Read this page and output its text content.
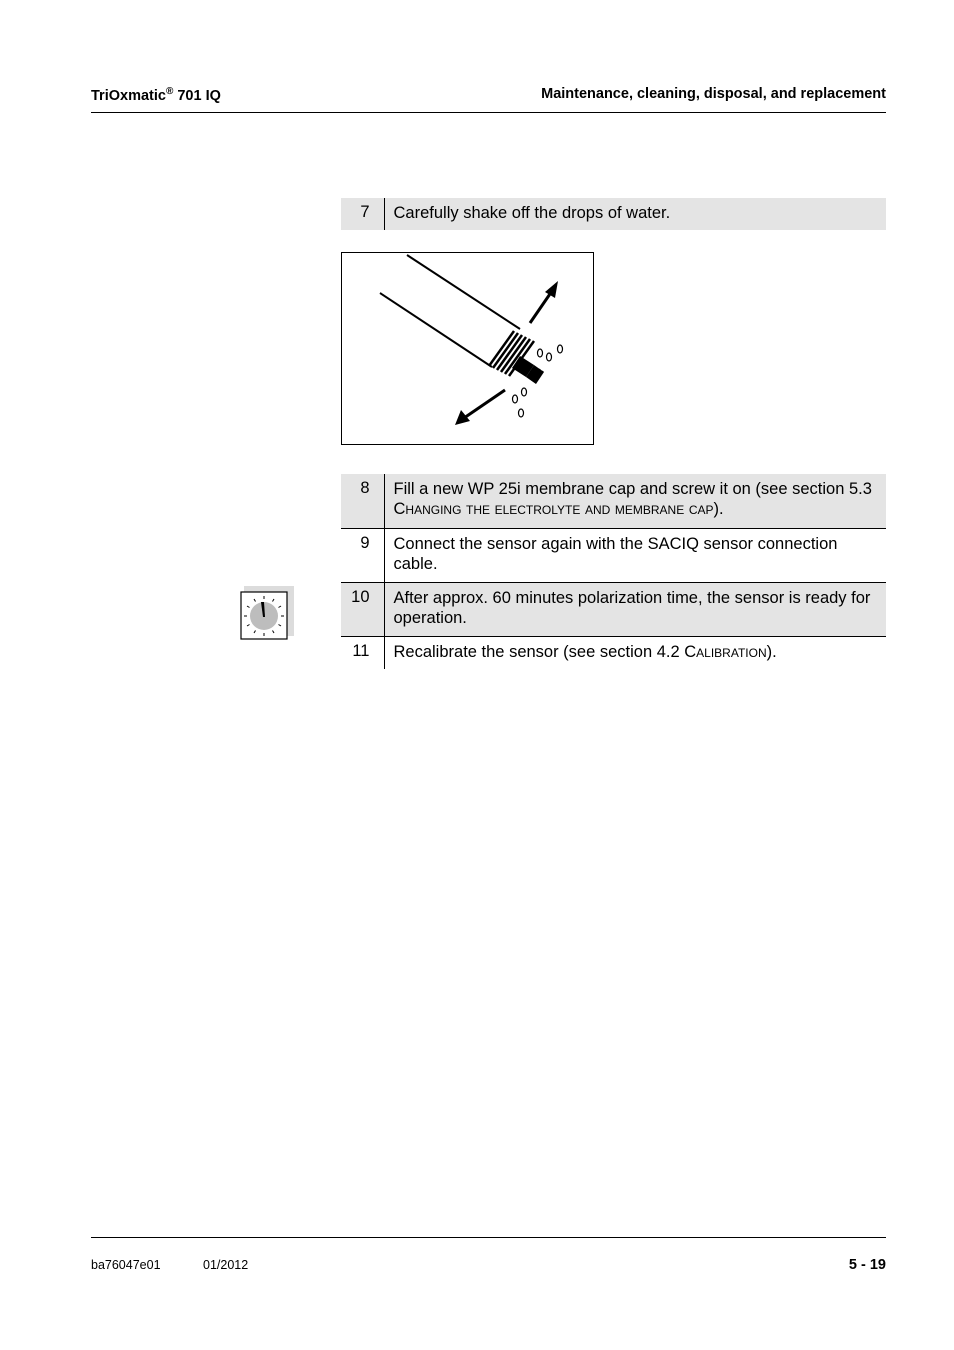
TriOxmatic® 701 IQ	Maintenance, cleaning, disposal, and replacement
7	Carefully shake off the drops of water.
8	Fill a new WP 25i membrane cap and screw it on (see section 5.3 Changing the electrolyte and membrane cap).
9	Connect the sensor again with the SACIQ sensor connection cable.
10	After approx. 60 minutes polarization time, the sensor is ready for operation.
11	Recalibrate the sensor (see section 4.2 Calibration).
ba76047e01	01/2012	5 - 19
